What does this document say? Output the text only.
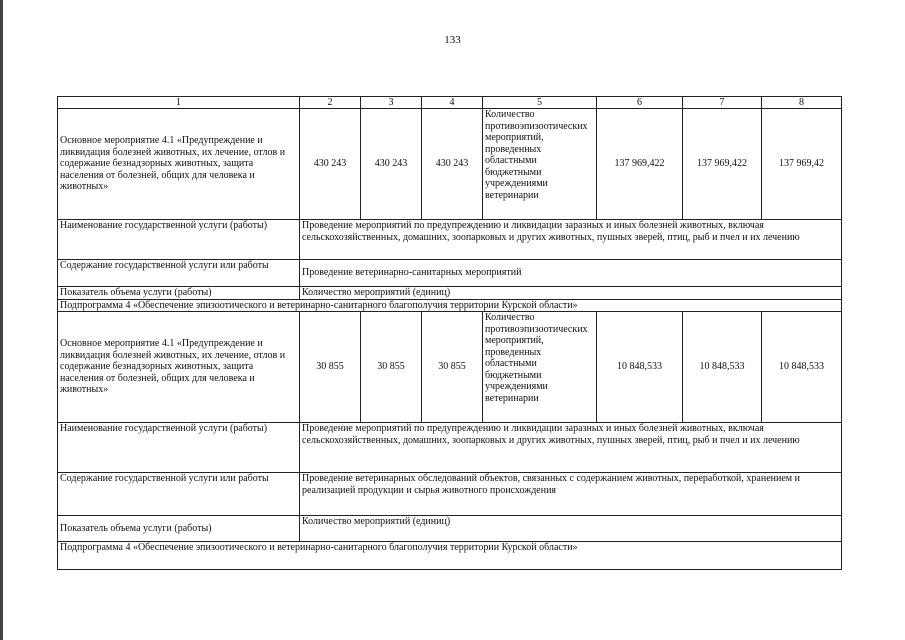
133
1	2	3	4	5	6	7	8
Основное мероприятие 4.1 «Предупреждение и ликвидация болезней животных, их лечение, отлов и содержание безнадзорных животных, защита населения от болезней, общих для человека и животных»	430 243	430 243	430 243	Количество противоэпизоотических мероприятий, проведенных областными бюджетными учреждениями ветеринарии	137 969,422	137 969,422	137 969,42
Наименование государственной услуги (работы)	Проведение мероприятий по предупреждению и ликвидации заразных и иных болезней животных, включая сельскохозяйственных, домашних, зоопарковых и других животных, пушных зверей, птиц, рыб и пчел и их лечению						
Содержание государственной услуги или работы	Проведение ветеринарно-санитарных мероприятий						
Показатель объема услуги (работы)	Количество мероприятий (единиц)						
Подпрограмма 4 «Обеспечение эпизоотического и ветеринарно-санитарного благополучия территории Курской области»							
Основное мероприятие 4.1 «Предупреждение и ликвидация болезней животных, их лечение, отлов и содержание безнадзорных животных, защита населения от болезней, общих для человека и животных»	30 855	30 855	30 855	Количество противоэпизоотических мероприятий, проведенных областными бюджетными учреждениями ветеринарии	10 848,533	10 848,533	10 848,533
Наименование государственной услуги (работы)	Проведение мероприятий по предупреждению и ликвидации заразных и иных болезней животных, включая сельскохозяйственных, домашних, зоопарковых и других животных, пушных зверей, птиц, рыб и пчел и их лечению						
Содержание государственной услуги или работы	Проведение ветеринарных обследований объектов, связанных с содержанием животных, переработкой, хранением и реализацией продукции и сырья животного происхождения						
Показатель объема услуги (работы)	Количество мероприятий (единиц)						
Подпрограмма 4 «Обеспечение эпизоотического и ветеринарно-санитарного благополучия территории Курской области»							
